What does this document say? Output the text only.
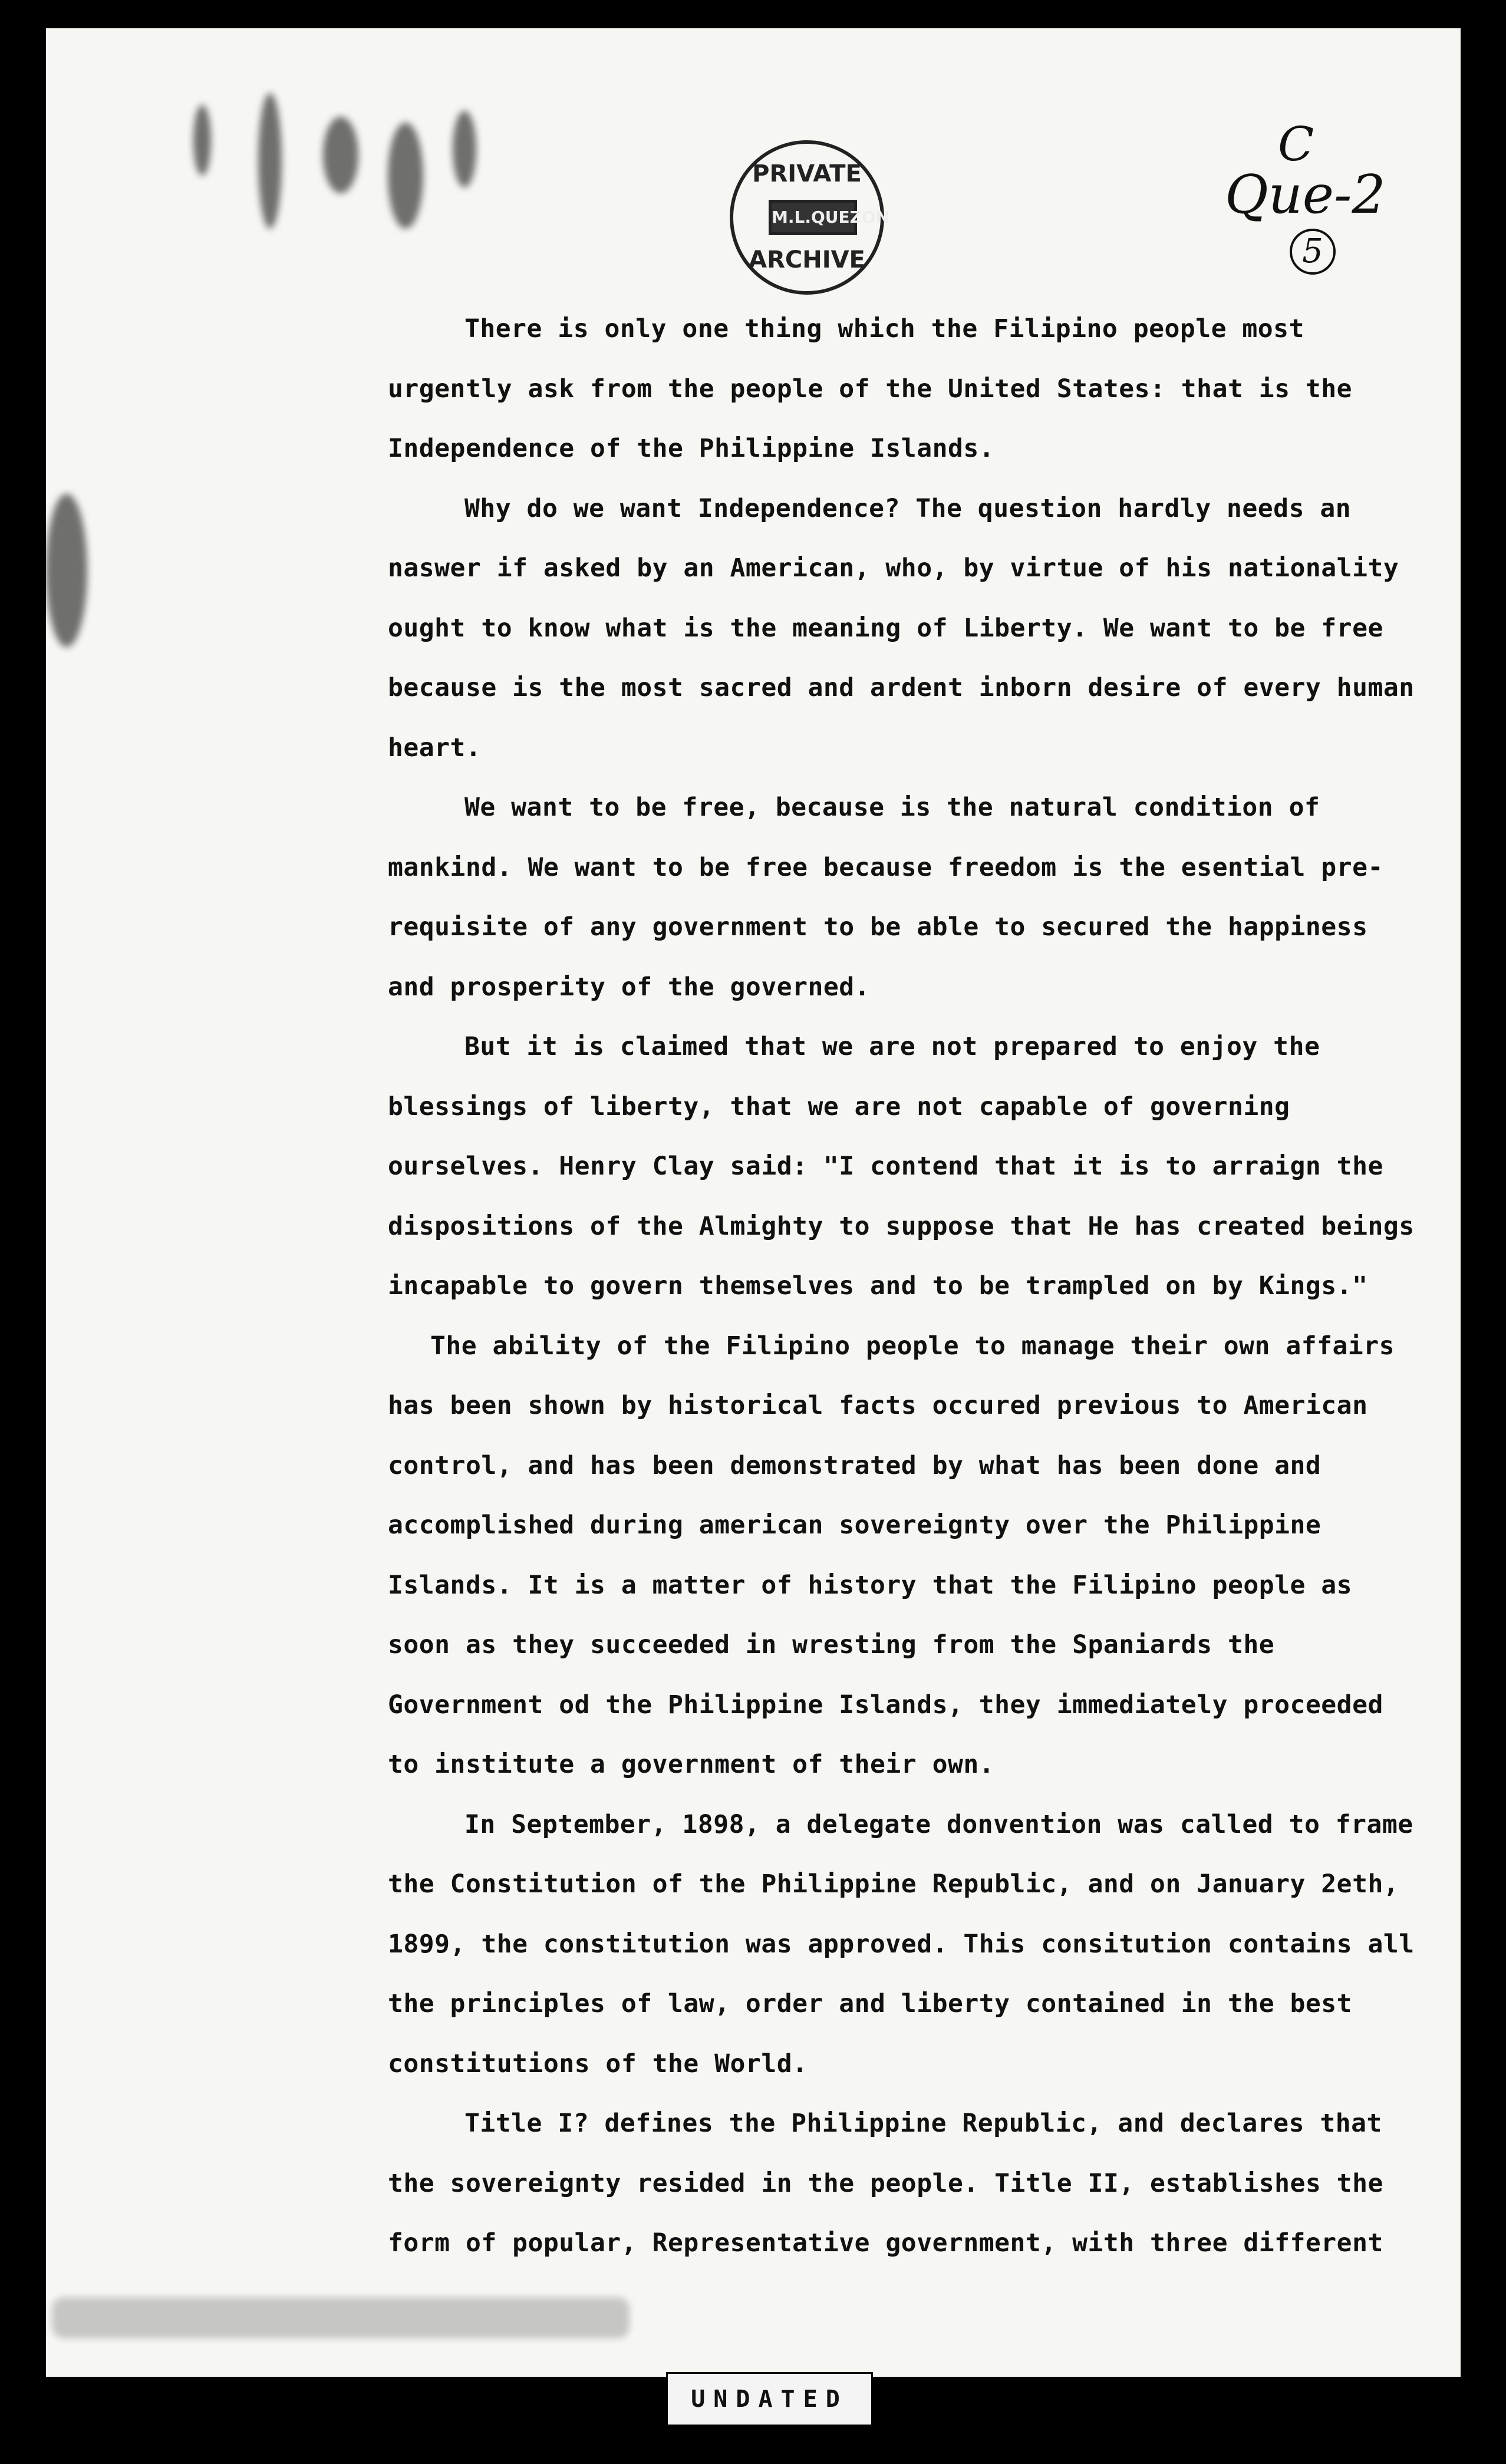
PRIVATE
M.L.QUEZON
ARCHIVE
C
Que-2
5

There is only one thing which the Filipino people most urgently ask from the people of the United States: that is the Independence of the Philippine Islands.

Why do we want Independence? The question hardly needs an naswer if asked by an American, who, by virtue of his nationality ought to know what is the meaning of Liberty. We want to be free because is the most sacred and ardent inborn desire of every human heart.

We want to be free, because is the natural condition of mankind. We want to be free because freedom is the esential pre-requisite of any government to be able to secured the happiness and prosperity of the governed.

But it is claimed that we are not prepared to enjoy the blessings of liberty, that we are not capable of governing ourselves. Henry Clay said: "I contend that it is to arraign the dispositions of the Almighty to suppose that He has created beings incapable to govern themselves and to be trampled on by Kings."

The ability of the Filipino people to manage their own affairs has been shown by historical facts occured previous to American control, and has been demonstrated by what has been done and accomplished during american sovereignty over the Philippine Islands. It is a matter of history that the Filipino people as soon as they succeeded in wresting from the Spaniards the Government od the Philippine Islands, they immediately proceeded to institute a government of their own.

In September, 1898, a delegate donvention was called to frame the Constitution of the Philippine Republic, and on January 2eth, 1899, the constitution was approved. This consitution contains all the principles of law, order and liberty contained in the best constitutions of the World.

Title I? defines the Philippine Republic, and declares that the sovereignty resided in the people. Title II, establishes the form of popular, Representative government, with three different

UNDATED
